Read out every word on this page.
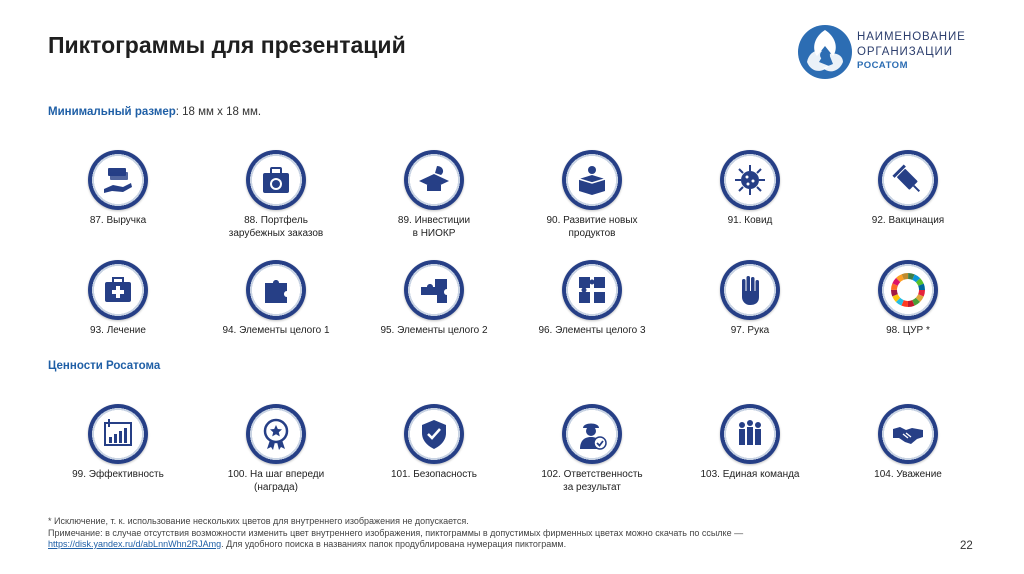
Пиктограммы для презентаций	НАИМЕНОВАНИЕ
ОРГАНИЗАЦИИ
РОСАТОМ
Минимальный размер: 18 мм х 18 мм.
Ценности Росатома
87. Выручка	88. Портфель
зарубежных заказов
89. Инвестиции
в НИОКР
90. Развитие новых
продуктов
91. Ковид	92. Вакцинация
93. Лечение	94. Элементы целого 1	95. Элементы целого 2	96. Элементы целого 3	97. Рука	98. ЦУР *
99. Эффективность	100. На шаг впереди
(награда)
101. Безопасность	102. Ответственность
за результат
103. Единая команда	104. Уважение
* Исключение, т. к. использование нескольких цветов для внутреннего изображения не допускается.
Примечание: в случае отсутствия возможности изменить цвет внутреннего изображения, пиктограммы в допустимых фирменных цветах можно скачать по ссылке —
https://disk.yandex.ru/d/abLnnWhn2RJAmg. Для удобного поиска в названиях папок продублирована нумерация пиктограмм.	22
